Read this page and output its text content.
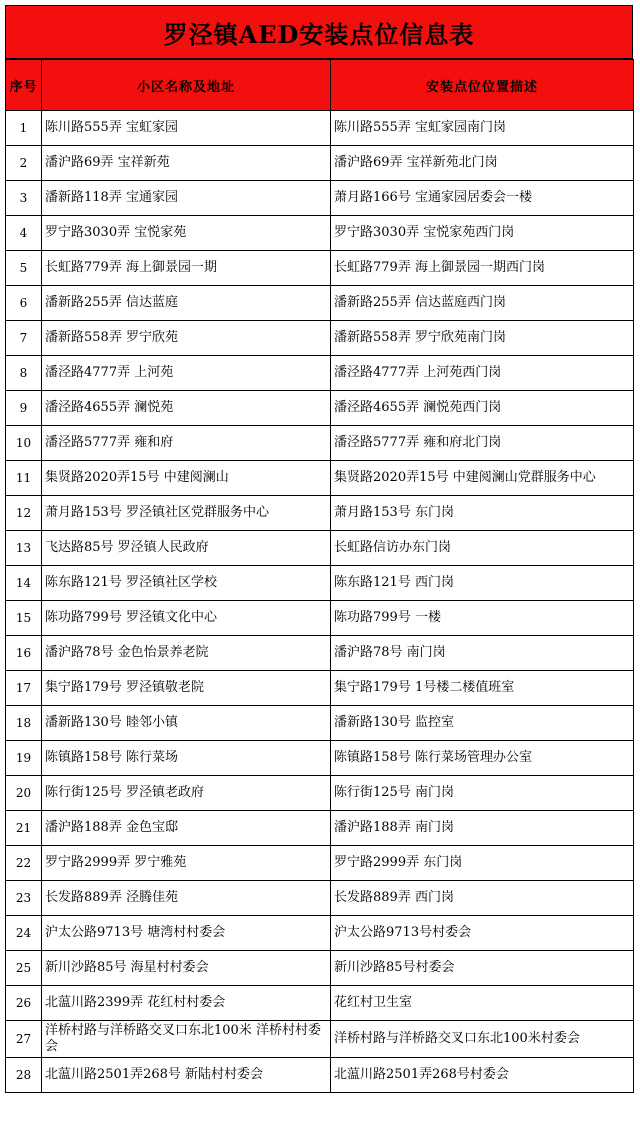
罗泾镇AED安装点位信息表
序号	小区名称及地址	安装点位位置描述
1	陈川路555弄 宝虹家园	陈川路555弄 宝虹家园南门岗
2	潘沪路69弄 宝祥新苑	潘沪路69弄 宝祥新苑北门岗
3	潘新路118弄 宝通家园	萧月路166号 宝通家园居委会一楼
4	罗宁路3030弄 宝悦家苑	罗宁路3030弄 宝悦家苑西门岗
5	长虹路779弄 海上御景园一期	长虹路779弄 海上御景园一期西门岗
6	潘新路255弄 信达蓝庭	潘新路255弄 信达蓝庭西门岗
7	潘新路558弄 罗宁欣苑	潘新路558弄 罗宁欣苑南门岗
8	潘泾路4777弄 上河苑	潘泾路4777弄 上河苑西门岗
9	潘泾路4655弄 澜悦苑	潘泾路4655弄 澜悦苑西门岗
10	潘泾路5777弄 雍和府	潘泾路5777弄 雍和府北门岗
11	集贤路2020弄15号 中建阅澜山	集贤路2020弄15号 中建阅澜山党群服务中心
12	萧月路153号 罗泾镇社区党群服务中心	萧月路153号 东门岗
13	飞达路85号 罗泾镇人民政府	长虹路信访办东门岗
14	陈东路121号 罗泾镇社区学校	陈东路121号 西门岗
15	陈功路799号 罗泾镇文化中心	陈功路799号 一楼
16	潘沪路78号 金色怡景养老院	潘沪路78号 南门岗
17	集宁路179号 罗泾镇敬老院	集宁路179号 1号楼二楼值班室
18	潘新路130号 睦邻小镇	潘新路130号 监控室
19	陈镇路158号 陈行菜场	陈镇路158号 陈行菜场管理办公室
20	陈行街125号 罗泾镇老政府	陈行街125号 南门岗
21	潘沪路188弄 金色宝邸	潘沪路188弄 南门岗
22	罗宁路2999弄 罗宁雅苑	罗宁路2999弄 东门岗
23	长发路889弄 泾腾佳苑	长发路889弄 西门岗
24	沪太公路9713号 塘湾村村委会	沪太公路9713号村委会
25	新川沙路85号 海星村村委会	新川沙路85号村委会
26	北蕰川路2399弄 花红村村委会	花红村卫生室
27	洋桥村路与洋桥路交叉口东北100米 洋桥村村委会	洋桥村路与洋桥路交叉口东北100米村委会
28	北蕰川路2501弄268号 新陆村村委会	北蕰川路2501弄268号村委会
